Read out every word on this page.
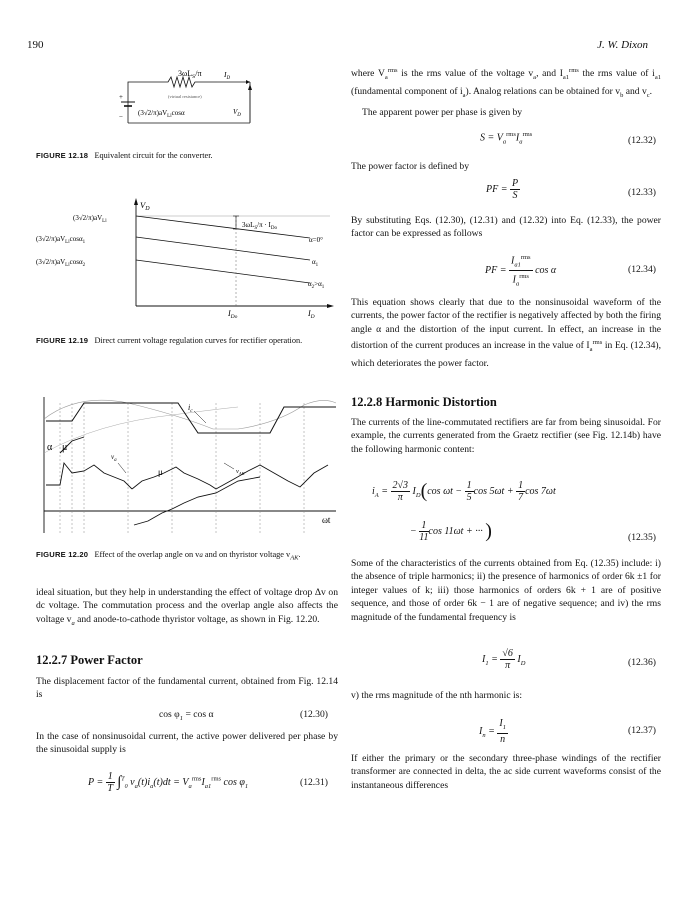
190	J. W. Dixon
$3\omega L_S/\pi$
(virtual resistance)
$I_D$
+
− $(3√2/\pi)aV_{Ll}\cos\alpha$	$V_D$
FIGURE 12.18 Equivalent circuit for the converter.
$V_D$
$(3√2/\pi)aV_{Ll}$
$(3√2/\pi)aV_{Ll}\cos\alpha_1$
$(3√2/\pi)aV_{Ll}\cos\alpha_2$
$3\omega L_S/\pi \cdot I_{Do}$
α=0°
$\alpha_1$
$\alpha_2>\alpha_1$
$I_{Do}$	$I_D$
FIGURE 12.19 Direct current voltage regulation curves for rectifier operation.
$i_c$
α μ
μ
$v_a$
$v_{AK}$
ωt
FIGURE 12.20 Effect of the overlap angle on va and on thyristor voltage $v_{AK}$.

ideal situation, but they help in understanding the effect of voltage drop Δv on dc voltage. The commutation process and the overlap angle also affects the voltage $v_a$ and anode-to-cathode thyristor voltage, as shown in Fig. 12.20.

12.2.7 Power Factor
The displacement factor of the fundamental current, obtained from Fig. 12.14 is
$\cos \varphi_1 = \cos \alpha$	(12.30)
In the case of nonsinusoidal current, the active power delivered per phase by the sinusoidal supply is
$P = \frac{1}{T} \int^T_0$ $v_a(t)i_a(t)dt = V_a^{rms}I_{a1}^{rms}$ $\cos \varphi_1$	(12.31)
where $V_a^{rms}$ is the rms value of the voltage $v_a$, and $I_{a1}^{rms}$ the rms value of $i_{a1}$ (fundamental component of $i_a$). Analog relations can be obtained for $v_b$ and $v_c$.
The apparent power per phase is given by
$S = V_a^{rms}I_a^{rms}$
(12.32)
The power factor is defined by
PF = $\frac{P}{S}$	(12.33)
By substituting Eqs. (12.30), (12.31) and (12.32) into Eq. (12.33), the power factor can be expressed as follows
PF = $\frac{I_{a1}^{rms}}{I_a^{rms}}$ cos α	(12.34)
This equation shows clearly that due to the nonsinusoidal waveform of the currents, the power factor of the rectifier is negatively affected by both the firing angle α and the distortion of the input current. In effect, an increase in the distortion of the current produces an increase in the value of $I_a^{rms}$ in Eq. (12.34), which deteriorates the power factor.
12.2.8 Harmonic Distortion
The currents of the line-commutated rectifiers are far from being sinusoidal. For example, the currents generated from the Graetz rectifier (see Fig. 12.14b) have the following harmonic content:
$i_A = \frac{2√3}{\pi} I_D(\cos$ $\omega t - \frac{1}{5}$ $\cos 5\omega t + \frac{1}{7}$ cos 7ωt
− $\frac{1}{11}$ cos 11ωt + ··· )	(12.35)
Some of the characteristics of the currents obtained from Eq. (12.35) include: i) the absence of triple harmonics; ii) the presence of harmonics of order 6k ±1 for integer values of k; iii) those harmonics of orders 6k + 1 are of positive sequence, and those of order 6k − 1 are of negative sequence; and iv) the rms magnitude of the fundamental frequency is
$I_1 = \frac{√6}{\pi} I_D$	(12.36)
v) the rms magnitude of the nth harmonic is:
$I_n = \frac{I_1}{n}$	(12.37)
If either the primary or the secondary three-phase windings of the rectifier transformer are connected in delta, the ac side current waveforms consist of the instantaneous differences
